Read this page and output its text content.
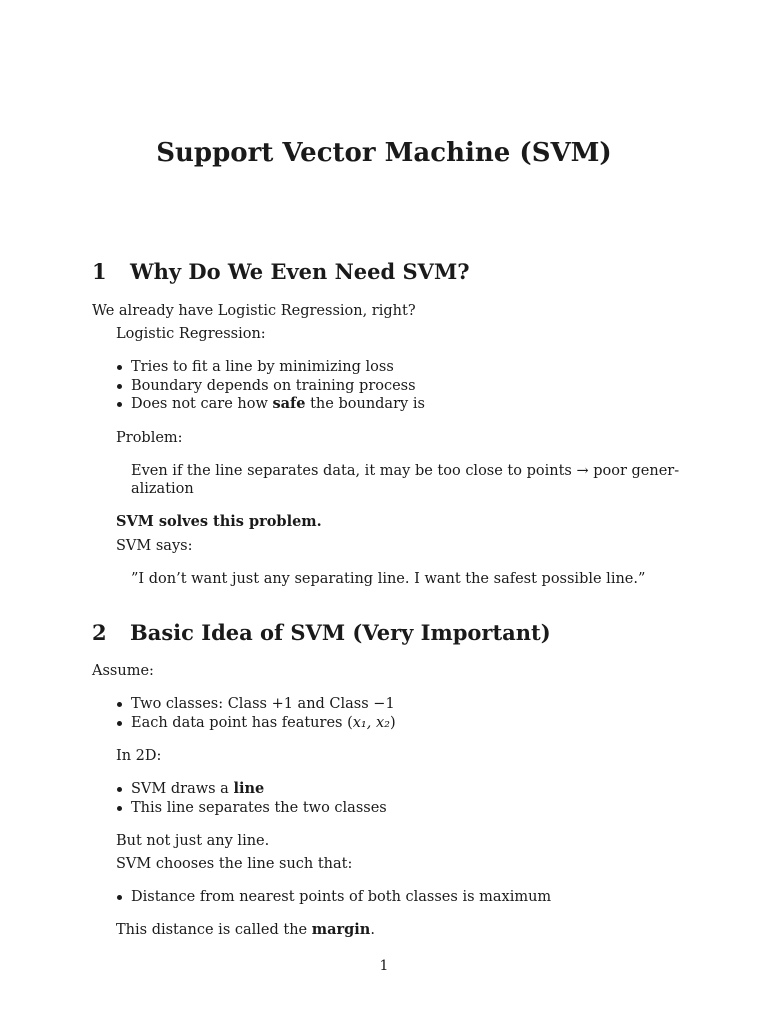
Support Vector Machine (SVM)
1 Why Do We Even Need SVM?
We already have Logistic Regression, right?
Logistic Regression:
Tries to fit a line by minimizing loss
Boundary depends on training process
Does not care how safe the boundary is
Problem:
Even if the line separates data, it may be too close to points → poor gener-
alization
SVM solves this problem.
SVM says:
”I don’t want just any separating line. I want the safest possible line.”
2 Basic Idea of SVM (Very Important)
Assume:
Two classes: Class +1 and Class −1
Each data point has features (x₁, x₂)
In 2D:
SVM draws a line
This line separates the two classes
But not just any line.
SVM chooses the line such that:
Distance from nearest points of both classes is maximum
This distance is called the margin.
1
